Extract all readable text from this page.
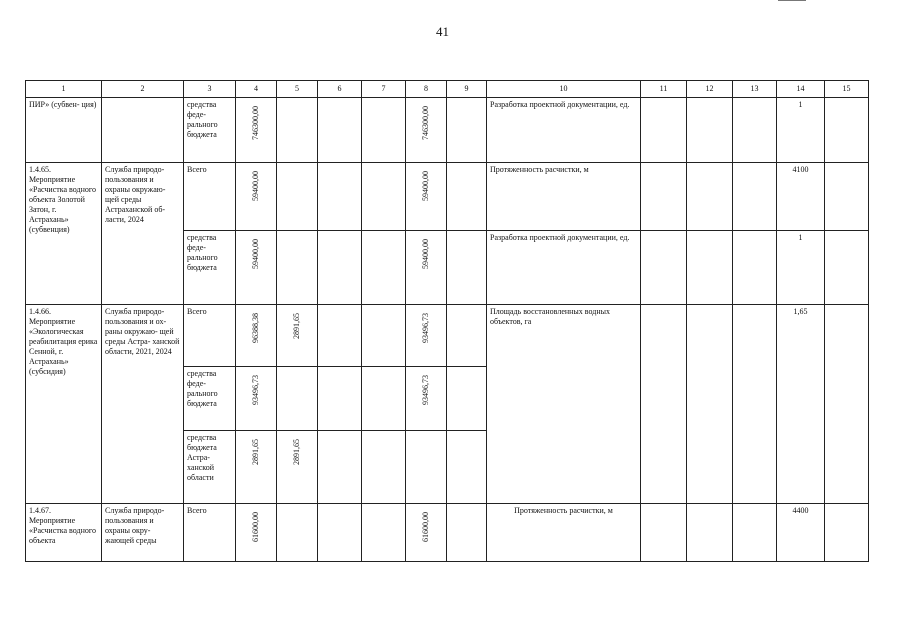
41
1	2	3	4	5	6	7	8	9	10	11	12	13	14	15
ПИР» (субвен- ция)		средства феде- рального бюджета	746300,00				746300,00		Разработка проектной документации, ед.				1	
1.4.65. Мероприятие «Расчистка водного объекта Золотой Затон, г. Астрахань» (субвенция)	Служба природо- пользования и охраны окружаю- щей среды Астраханской об- ласти, 2024	Всего	59400,00				59400,00		Протяженность расчистки, м				4100	
		средства феде- рального бюджета	59400,00				59400,00		Разработка проектной документации, ед.				1	
1.4.66. Мероприятие «Экологическая реабилитация ерика Сенной, г. Астрахань» (субсидия)	Служба природо- пользования и ох- раны окружаю- щей среды Астра- ханской области, 2021, 2024	Всего	96388,38	2891,65			93496,73		Площадь восстановленных водных объектов, га				1,65	
		средства феде- рального бюджета	93496,73				93496,73							
		средства бюджета Астра- ханской области	2891,65	2891,65										
1.4.67. Мероприятие «Расчистка водного объекта	Служба природо- пользования и охраны окру- жающей среды	Всего	61600,00				61600,00		Протяженность расчистки, м				4400	
